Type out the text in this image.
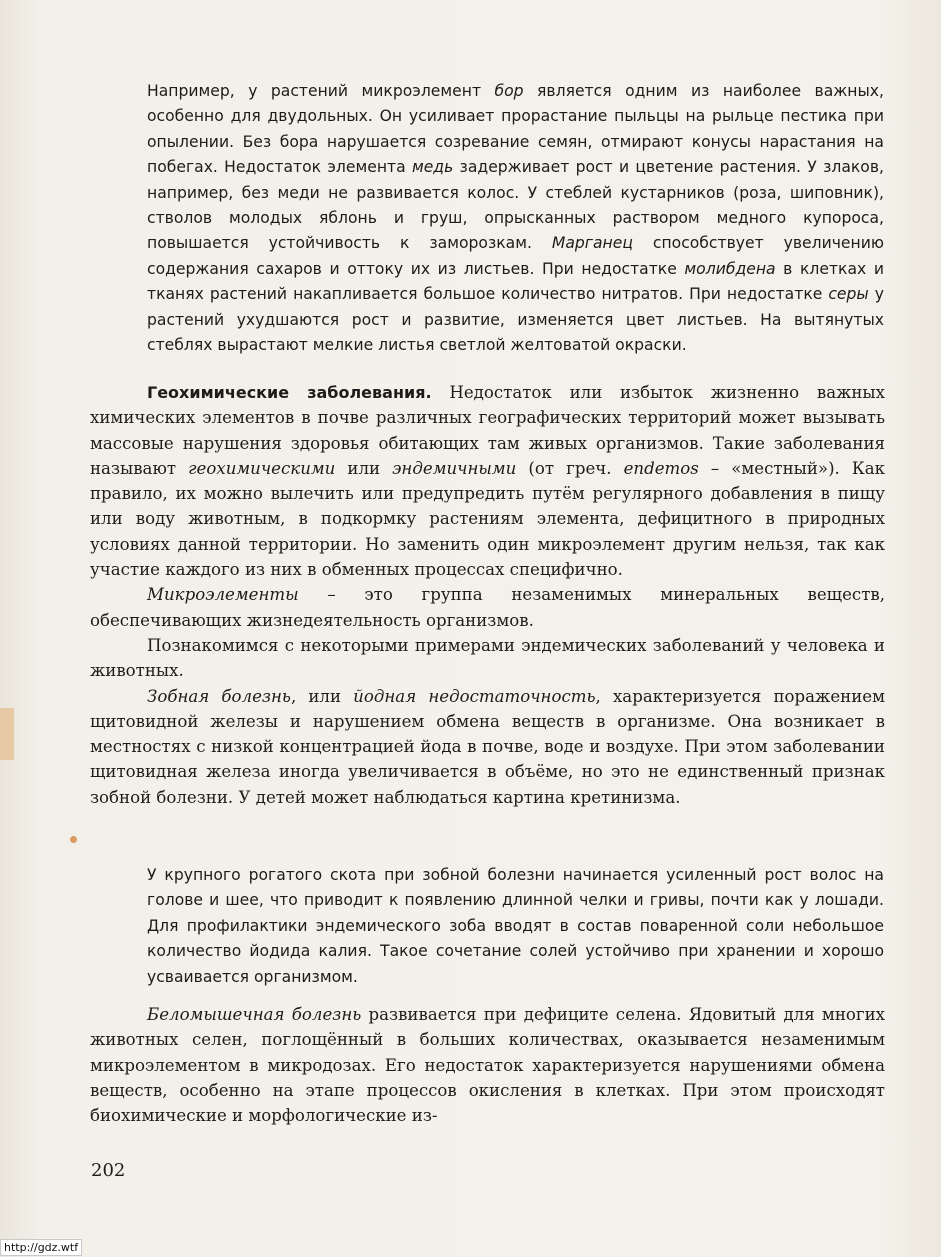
Например, у растений микроэлемент бор является одним из наиболее важных, особенно для двудольных. Он усиливает прорастание пыльцы на рыльце пестика при опылении. Без бора нарушается созревание семян, отмирают конусы нарастания на побегах. Недостаток элемента медь задерживает рост и цветение растения. У злаков, например, без меди не развивается колос. У стеблей кустарников (роза, шиповник), стволов молодых яблонь и груш, опрысканных раствором медного купороса, повышается устойчивость к заморозкам. Марганец способствует увеличению содержания сахаров и оттоку их из листьев. При недостатке молибдена в клетках и тканях растений накапливается большое количество нитратов. При недостатке серы у растений ухудшаются рост и развитие, изменяется цвет листьев. На вытянутых стеблях вырастают мелкие листья светлой желтоватой окраски.

Геохимические заболевания. Недостаток или избыток жизненно важных химических элементов в почве различных географических территорий может вызывать массовые нарушения здоровья обитающих там живых организмов. Такие заболевания называют геохимическими или эндемичными (от греч. endemos – «местный»). Как правило, их можно вылечить или предупредить путём регулярного добавления в пищу или воду животным, в подкормку растениям элемента, дефицитного в природных условиях данной территории. Но заменить один микроэлемент другим нельзя, так как участие каждого из них в обменных процессах специфично.

Микроэлементы – это группа незаменимых минеральных веществ, обеспечивающих жизнедеятельность организмов.

Познакомимся с некоторыми примерами эндемических заболеваний у человека и животных.

Зобная болезнь, или йодная недостаточность, характеризуется поражением щитовидной железы и нарушением обмена веществ в организме. Она возникает в местностях с низкой концентрацией йода в почве, воде и воздухе. При этом заболевании щитовидная железа иногда увеличивается в объёме, но это не единственный признак зобной болезни. У детей может наблюдаться картина кретинизма.

У крупного рогатого скота при зобной болезни начинается усиленный рост волос на голове и шее, что приводит к появлению длинной челки и гривы, почти как у лошади. Для профилактики эндемического зоба вводят в состав поваренной соли небольшое количество йодида калия. Такое сочетание солей устойчиво при хранении и хорошо усваивается организмом.

Беломышечная болезнь развивается при дефиците селена. Ядовитый для многих животных селен, поглощённый в больших количествах, оказывается незаменимым микроэлементом в микродозах. Его недостаток характеризуется нарушениями обмена веществ, особенно на этапе процессов окисления в клетках. При этом происходят биохимические и морфологические из-

202
http://gdz.wtf
